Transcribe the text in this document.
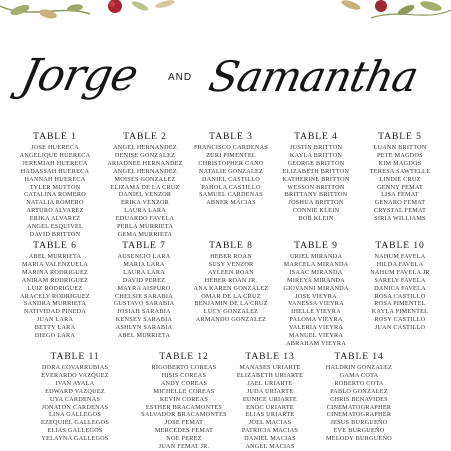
Jorge	AND Samantha
TABLE 1
JOSE HUERECA
ANGELIQUE HUERECA
JEREMIAH HUERECA
HADASSAH HUERECA
HANNAH HUERECA
TYLER MUTTON
CATALINA ROMERO
NATALIA ROMERO
ARTURO ALVAREZ
ERIKA ALVAREZ
ANGEL ESQUIVEL
DAVID BRITTON
TABLE 2
ANGEL HERNANDEZ
DENISE GONZALEZ
ARIADNEE HERNANDEZ
ANGEL HERNANDEZ
MOISES GONZALEZ
ELIZAMA DE LA CRUZ
DANIEL VENZOR
ERIKA VENZOR
LAURA LARA
EDUARDO FAVELA
PERLA MURRIETA
GEMA MURRIETA
TABLE 3
FRANCISCO CARDENAS
ZURI PIMENTEL
CHRISTOPHER CANO
NATALIE GONZALEZ
DANIEL CASTILLO
PAHOLA CASTILLO
SAMUEL CARDENAS
ABNER MACIAS
TABLE 4
JUSTIN BRITTON
KAYLA BRITTON
GEORGE BRITTON
ELIZABETH BRITTON
KATHERINE BRITTON
WESSON BRITTON
BRITTANY BRITTON
JOSHUA BRITTON
CONNIE KLEIN
BOB KLEIN
TABLE 5
LUANN BRITTON
PETE MAGDOS
KIM MAGDOS
TERESA SAWTELLE
LINDIE CRUZ
GENNY FEMAT
LISA FEMAT
GENARO FEMAT
CRYSTAL FEMAT
SIRIA WILLIAMS
TABLE 6
ABEL MURRIETA
MARIA VALENZUELA
MARINA RODRIGUEZ
ANIRAM RODRIGUEZ
LUIZ RODRIGUEZ
ARACELY RODRIGUEZ
SANDRA MURRIETA
NATIVIDAD PINEDA
JUAN LARA
BETTY LARA
DIEGO LARA
TABLE 7
AUSENCIO LARA
MARIA LARA
LAURA LARA
DAVID PEREZ
MAYRA AISPURO
CHELSIE SARABIA
GUSTAVO SARABIA
JOSIAH SARABIA
KENSEY SARABIA
ASHLYN SARABIA
ABEL MURRIETA
TABLE 8
HEBER ROAN
SUSY VENZOR
AYLEEN ROAN
HEBER ROAN JR.
ANA KAREN GONZALEZ
OMAR DE LA CRUZ
BENJAMIN DE LA CRUZ
LUCY GONZALEZ
ARMANDO GONZALEZ
TABLE 9
URIEL MIRANDA
MARCELA MIRANDA
ISAAC MIRANDA
MIREYA MIRANDA
GIOVANNI MIRANDA
JOSE VIEYRA
VANESSA VIEYRA
IHELLE VIEYRA
PALOMA VIEYRA
VALERIA VIEYRA
MANUEL VIEYRA
ABRAHAM VIEYRA
TABLE 10
NAHUM FAVELA
HILDA FAVELA
NAHUM FAVELA JR
SARELY FAVELA
DANICA FAVELA
ROSA CASTILLO
ROSA PIMENTEL
KAYLA PIMENTEL
ROSY CASTILLO
JUAN CASTILLO
TABLE 11
DORA COVARRUBIAS
EVERARDO VAZQUEZ
IVAN AYALA
EDWARD VAZQUEZ
UYA CARDENAS
JONATON CARDENAS
LINA GALLEGOS
EZEQUIEL GALLEGOS
ELIAS GALLEGOS
YELAYNA GALLEGOS
TABLE 12
RIGOBERTO COREAS
HISIS COREAS
ANDY COREAS
MICHELLE COREAS
KEVIN COREAS
ESTHER BRACAMONTES
SALVADOR BRACAMONTES
JOSE FEMAT
MERCEDES FEMAT
NOE PEREZ
JUAN FEMAT JR.
TABLE 13
MANASES URIARTE
ELIZABETH URIARTE
JAEL URIARTE
JUDA URIARTE
EUNICE URIARTE
ENOC URIARTE
ELIAS URIARTE
JOEL MACIAS
PATRICIA MACIAS
DANIEL MACIAS
ANGEL MACIAS
TABLE 14
HALDRIN GONZALEZ
GAMA COTA
ROBERTO COTA
PABLO GONZALEZ
CHRIS BENAVIDES
CINEMATOGRAPHER
CINEMATOGRAPHER
JESUS BURGUEÑO
EVE BURGUEÑO
MELODY BURGUEÑO
